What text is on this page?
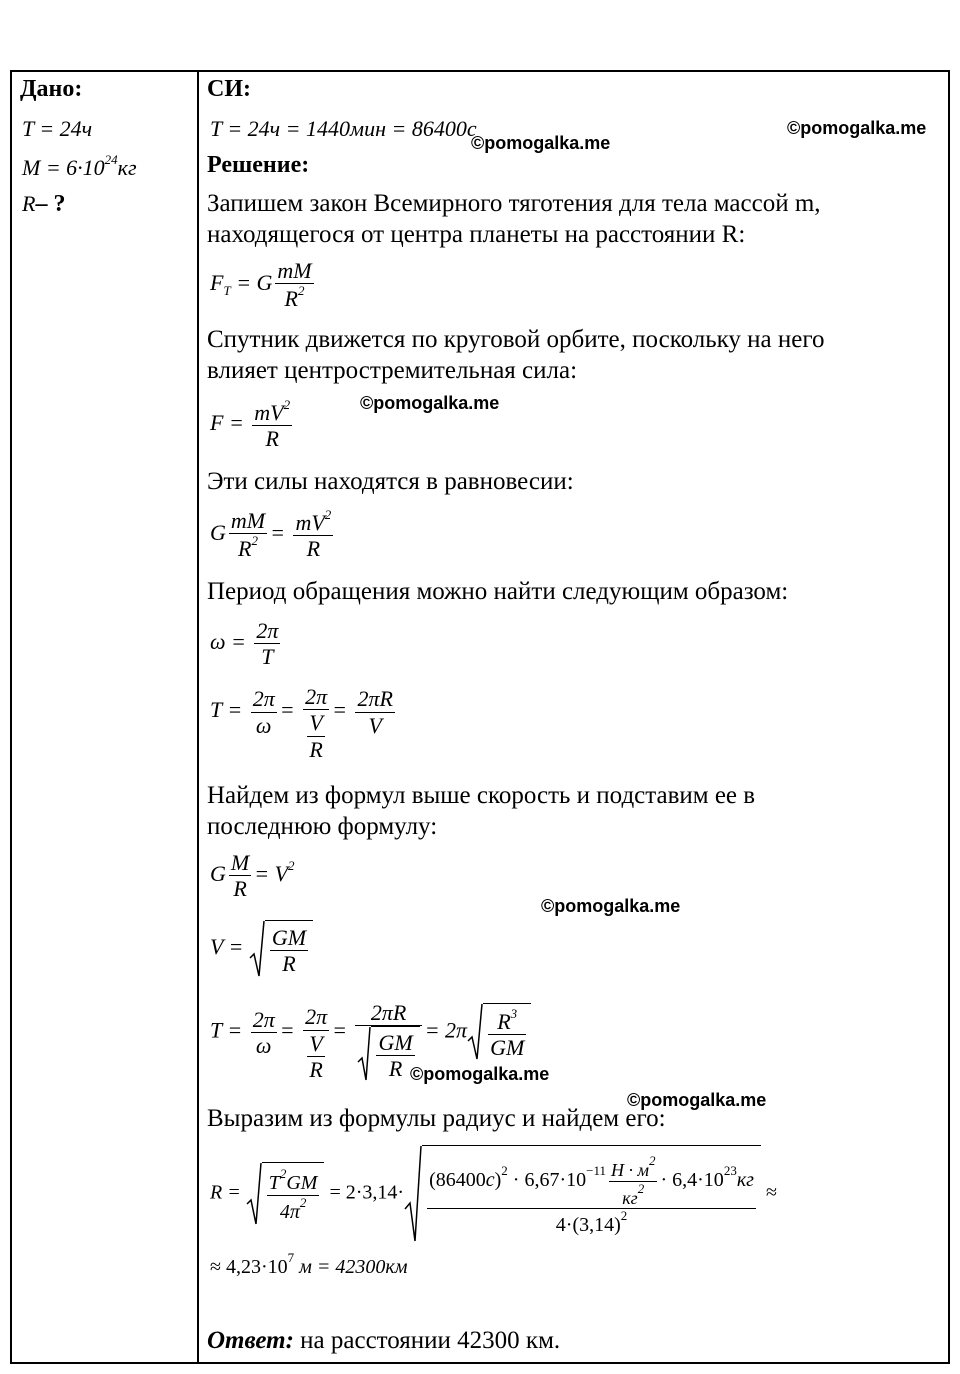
Дано:
T = 24ч
$M = 6\cdot 10^{24}кг$
R– ?
СИ:
T = 24ч = 1440мин = 86400с
Решение:
Запишем закон Всемирного тяготения для тела массой m,
находящегося от центра планеты на расстоянии R:
$F_T = G \frac{mM}{R^2}$
Спутник движется по круговой орбите, поскольку на него
влияет центростремительная сила:
$F = \frac{mV^2}{R}$
Эти силы находятся в равновесии:
G $\frac{mM}{R^2} = \frac{mV^2}{R}$
Период обращения можно найти следующим образом:
$\omega = \frac{2\pi}{T}$
$T = \frac{2\pi}{\omega} = \frac{2\pi}{\frac{V}{R}} = \frac{2\pi R}{V}$
Найдем из формул выше скорость и подставим ее в
последнюю формулу:
G $\frac{M}{R} = V^2$
$V = \frac{GM}{R}$
$T = \frac{2\pi}{\omega} = \frac{2\pi}{\frac{V}{R}} = \frac{2\pi R}{\frac{GM}{R}} = 2\pi \frac{R^3}{GM}$
Выразим из формулы радиус и найдем его:
$R = \frac{T^2GM}{4\pi^2} = 2\cdot 3,14\cdot \frac{(86400с)^2 \cdot 6,67\cdot 10^{-11} \frac{Н \cdot м^2}{кг^2} \cdot 6,4\cdot 10^{23}кг}{4\cdot(3,14)^2}$ ≈
≈ $4,23\cdot 10^7$ м = 42300км
Ответ: на расстоянии 42300 км.
©pomogalka.me
©pomogalka.me
©pomogalka.me
©pomogalka.me
©pomogalka.me
©pomogalka.me
